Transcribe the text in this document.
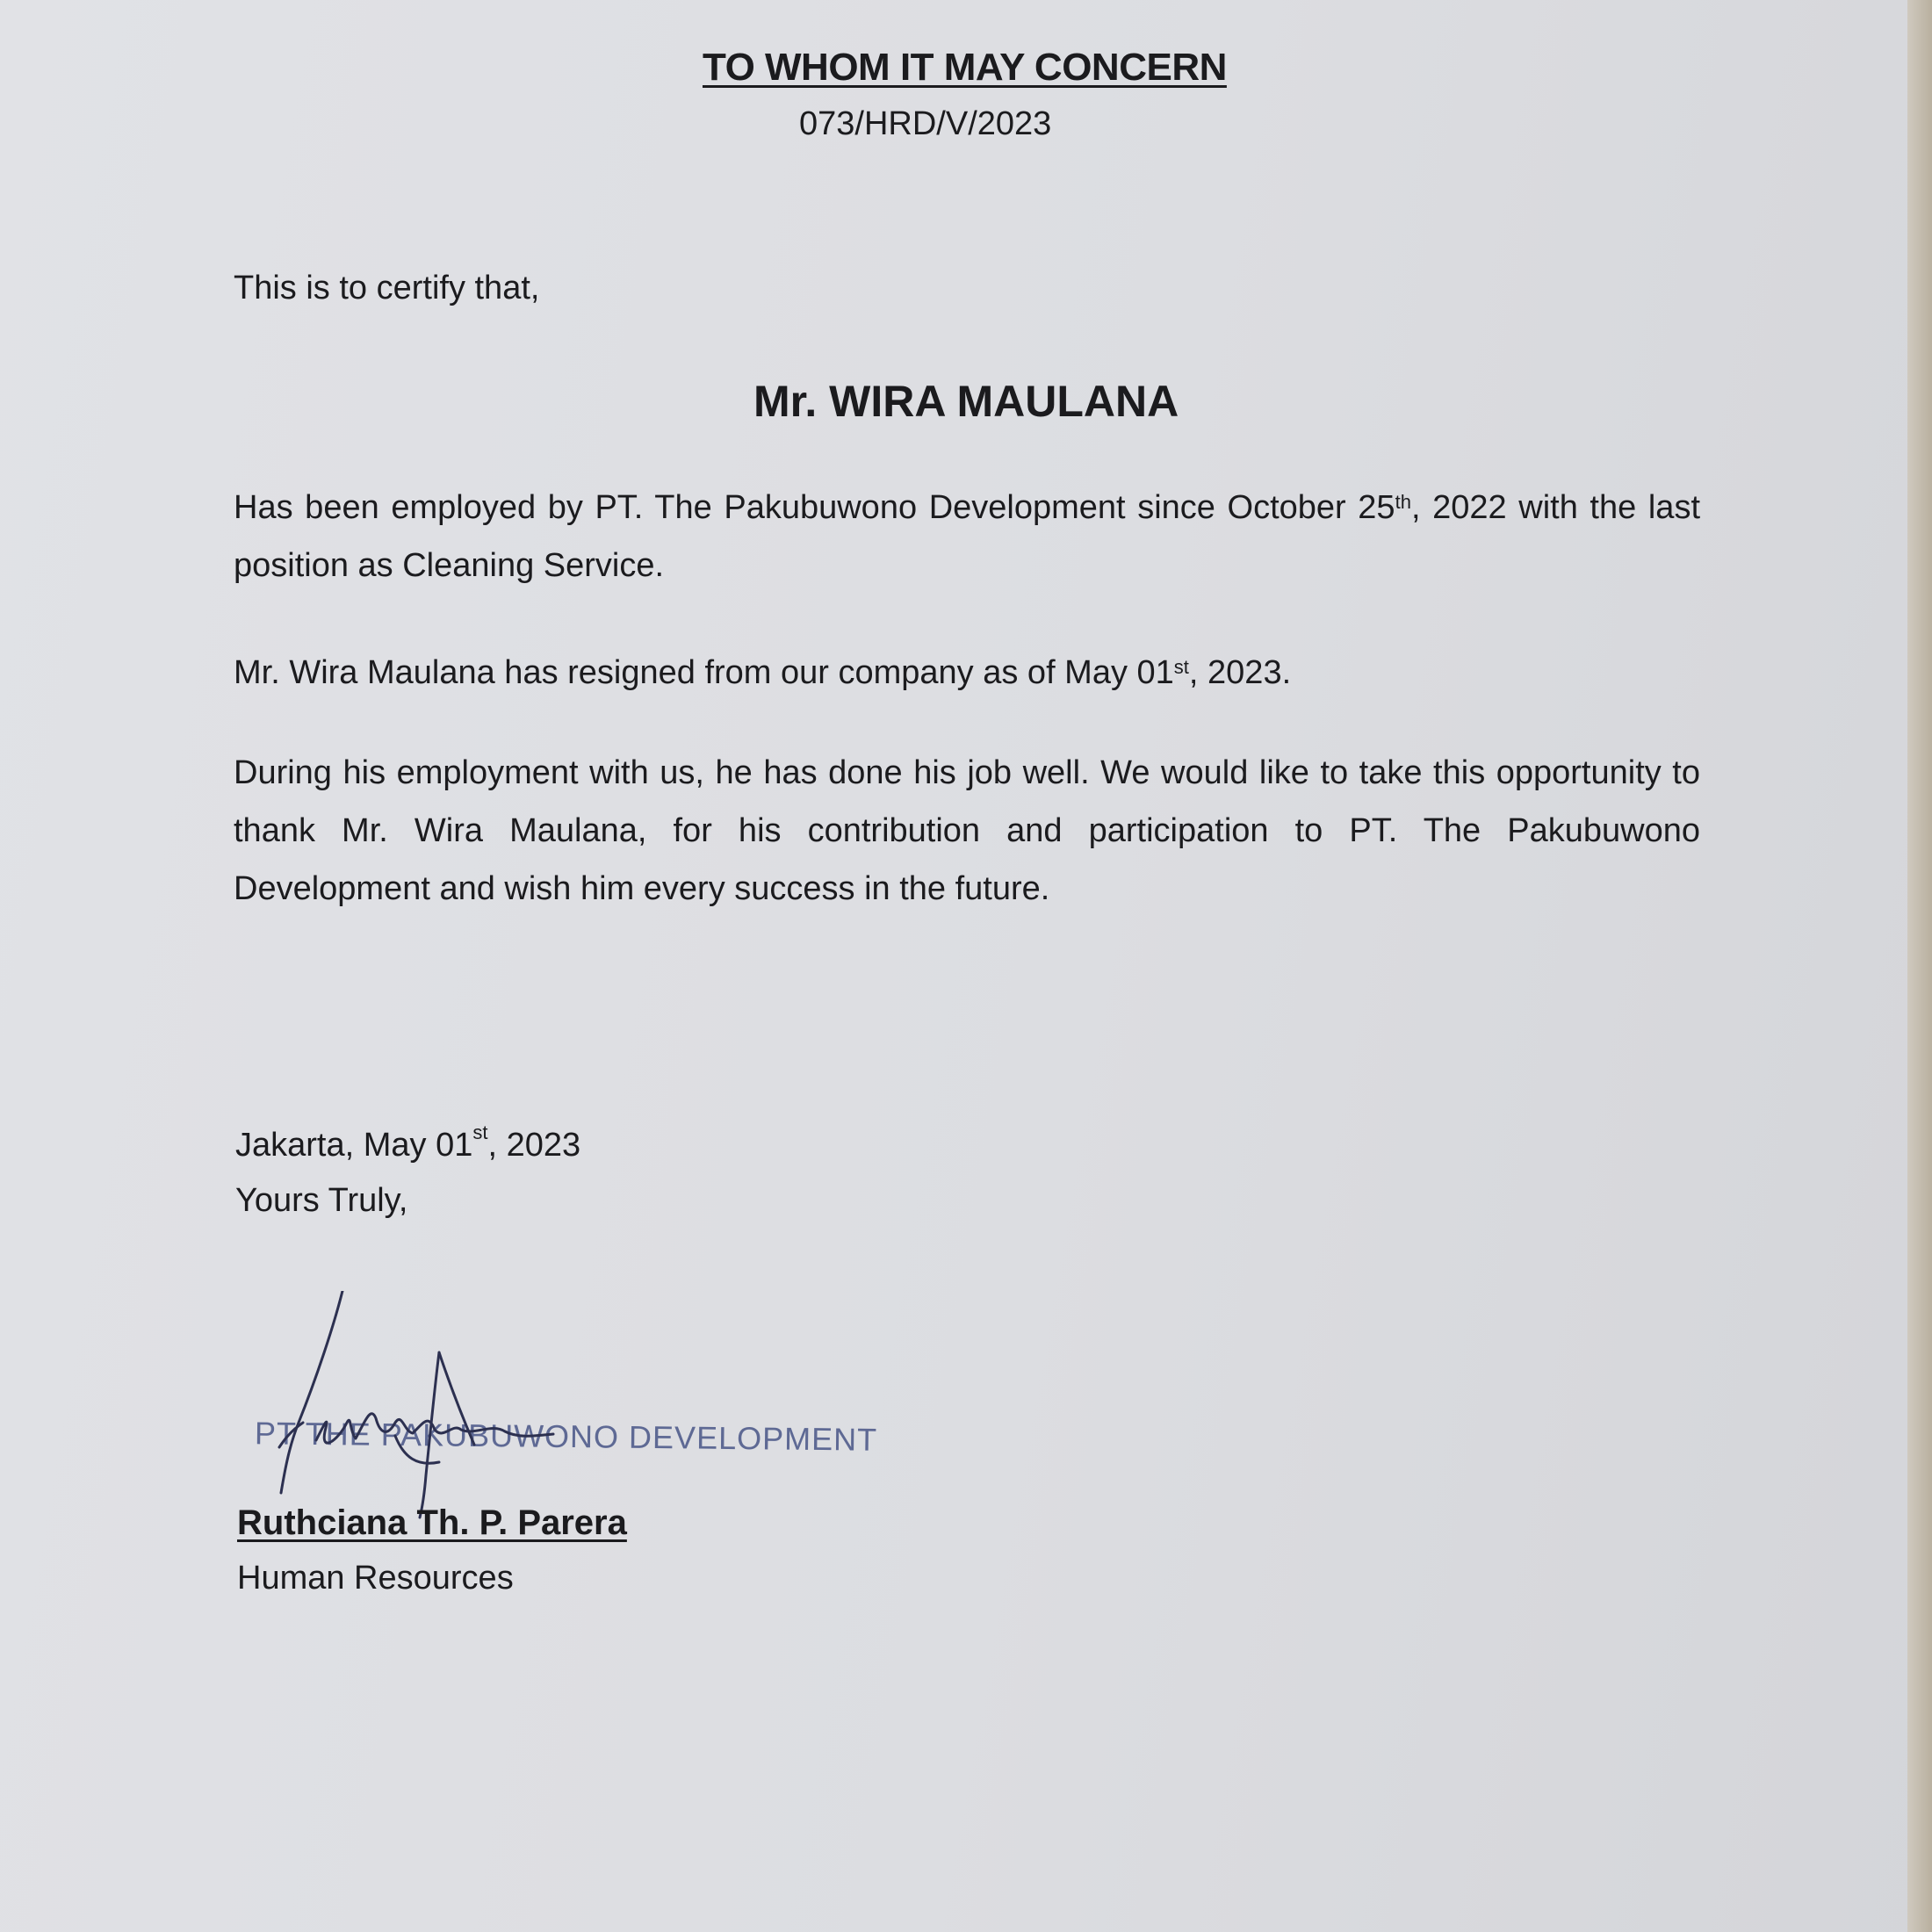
TO WHOM IT MAY CONCERN
073/HRD/V/2023
This is to certify that,
Mr. WIRA MAULANA
Has been employed by PT. The Pakubuwono Development since October 25th, 2022 with the last position as Cleaning Service.
Mr. Wira Maulana has resigned from our company as of May 01st, 2023.
During his employment with us, he has done his job well. We would like to take this opportunity to thank Mr. Wira Maulana, for his contribution and participation to PT. The Pakubuwono Development and wish him every success in the future.
Jakarta, May 01st, 2023
Yours Truly,
PT THE PAKUBUWONO DEVELOPMENT
Ruthciana Th. P. Parera
Human Resources
